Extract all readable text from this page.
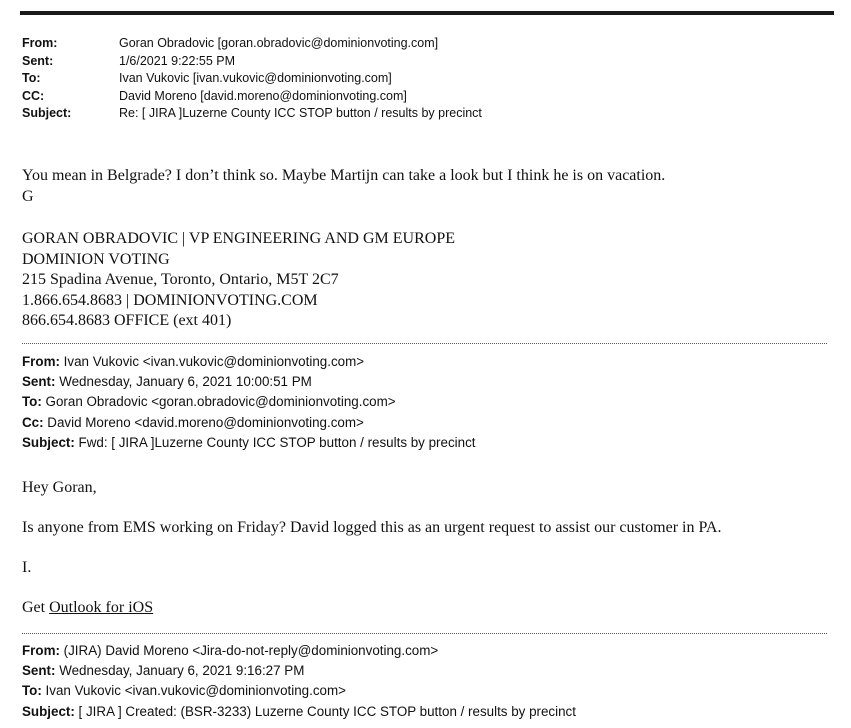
From:	Goran Obradovic [goran.obradovic@dominionvoting.com]
Sent:	1/6/2021 9:22:55 PM
To:	Ivan Vukovic [ivan.vukovic@dominionvoting.com]
CC:	David Moreno [david.moreno@dominionvoting.com]
Subject:	Re: [ JIRA ]Luzerne County ICC STOP button / results by precinct
You mean in Belgrade? I don’t think so. Maybe Martijn can take a look but I think he is on vacation.
G
GORAN OBRADOVIC | VP ENGINEERING AND GM EUROPE
DOMINION VOTING
215 Spadina Avenue, Toronto, Ontario, M5T 2C7
1.866.654.8683 | DOMINIONVOTING.COM
866.654.8683 OFFICE (ext 401)
From: Ivan Vukovic <ivan.vukovic@dominionvoting.com>
Sent: Wednesday, January 6, 2021 10:00:51 PM
To: Goran Obradovic <goran.obradovic@dominionvoting.com>
Cc: David Moreno <david.moreno@dominionvoting.com>
Subject: Fwd: [ JIRA ]Luzerne County ICC STOP button / results by precinct
Hey Goran,
Is anyone from EMS working on Friday? David logged this as an urgent request to assist our customer in PA.
I.
Get Outlook for iOS
From: (JIRA) David Moreno <Jira-do-not-reply@dominionvoting.com>
Sent: Wednesday, January 6, 2021 9:16:27 PM
To: Ivan Vukovic <ivan.vukovic@dominionvoting.com>
Subject: [ JIRA ] Created: (BSR-3233) Luzerne County ICC STOP button / results by precinct
